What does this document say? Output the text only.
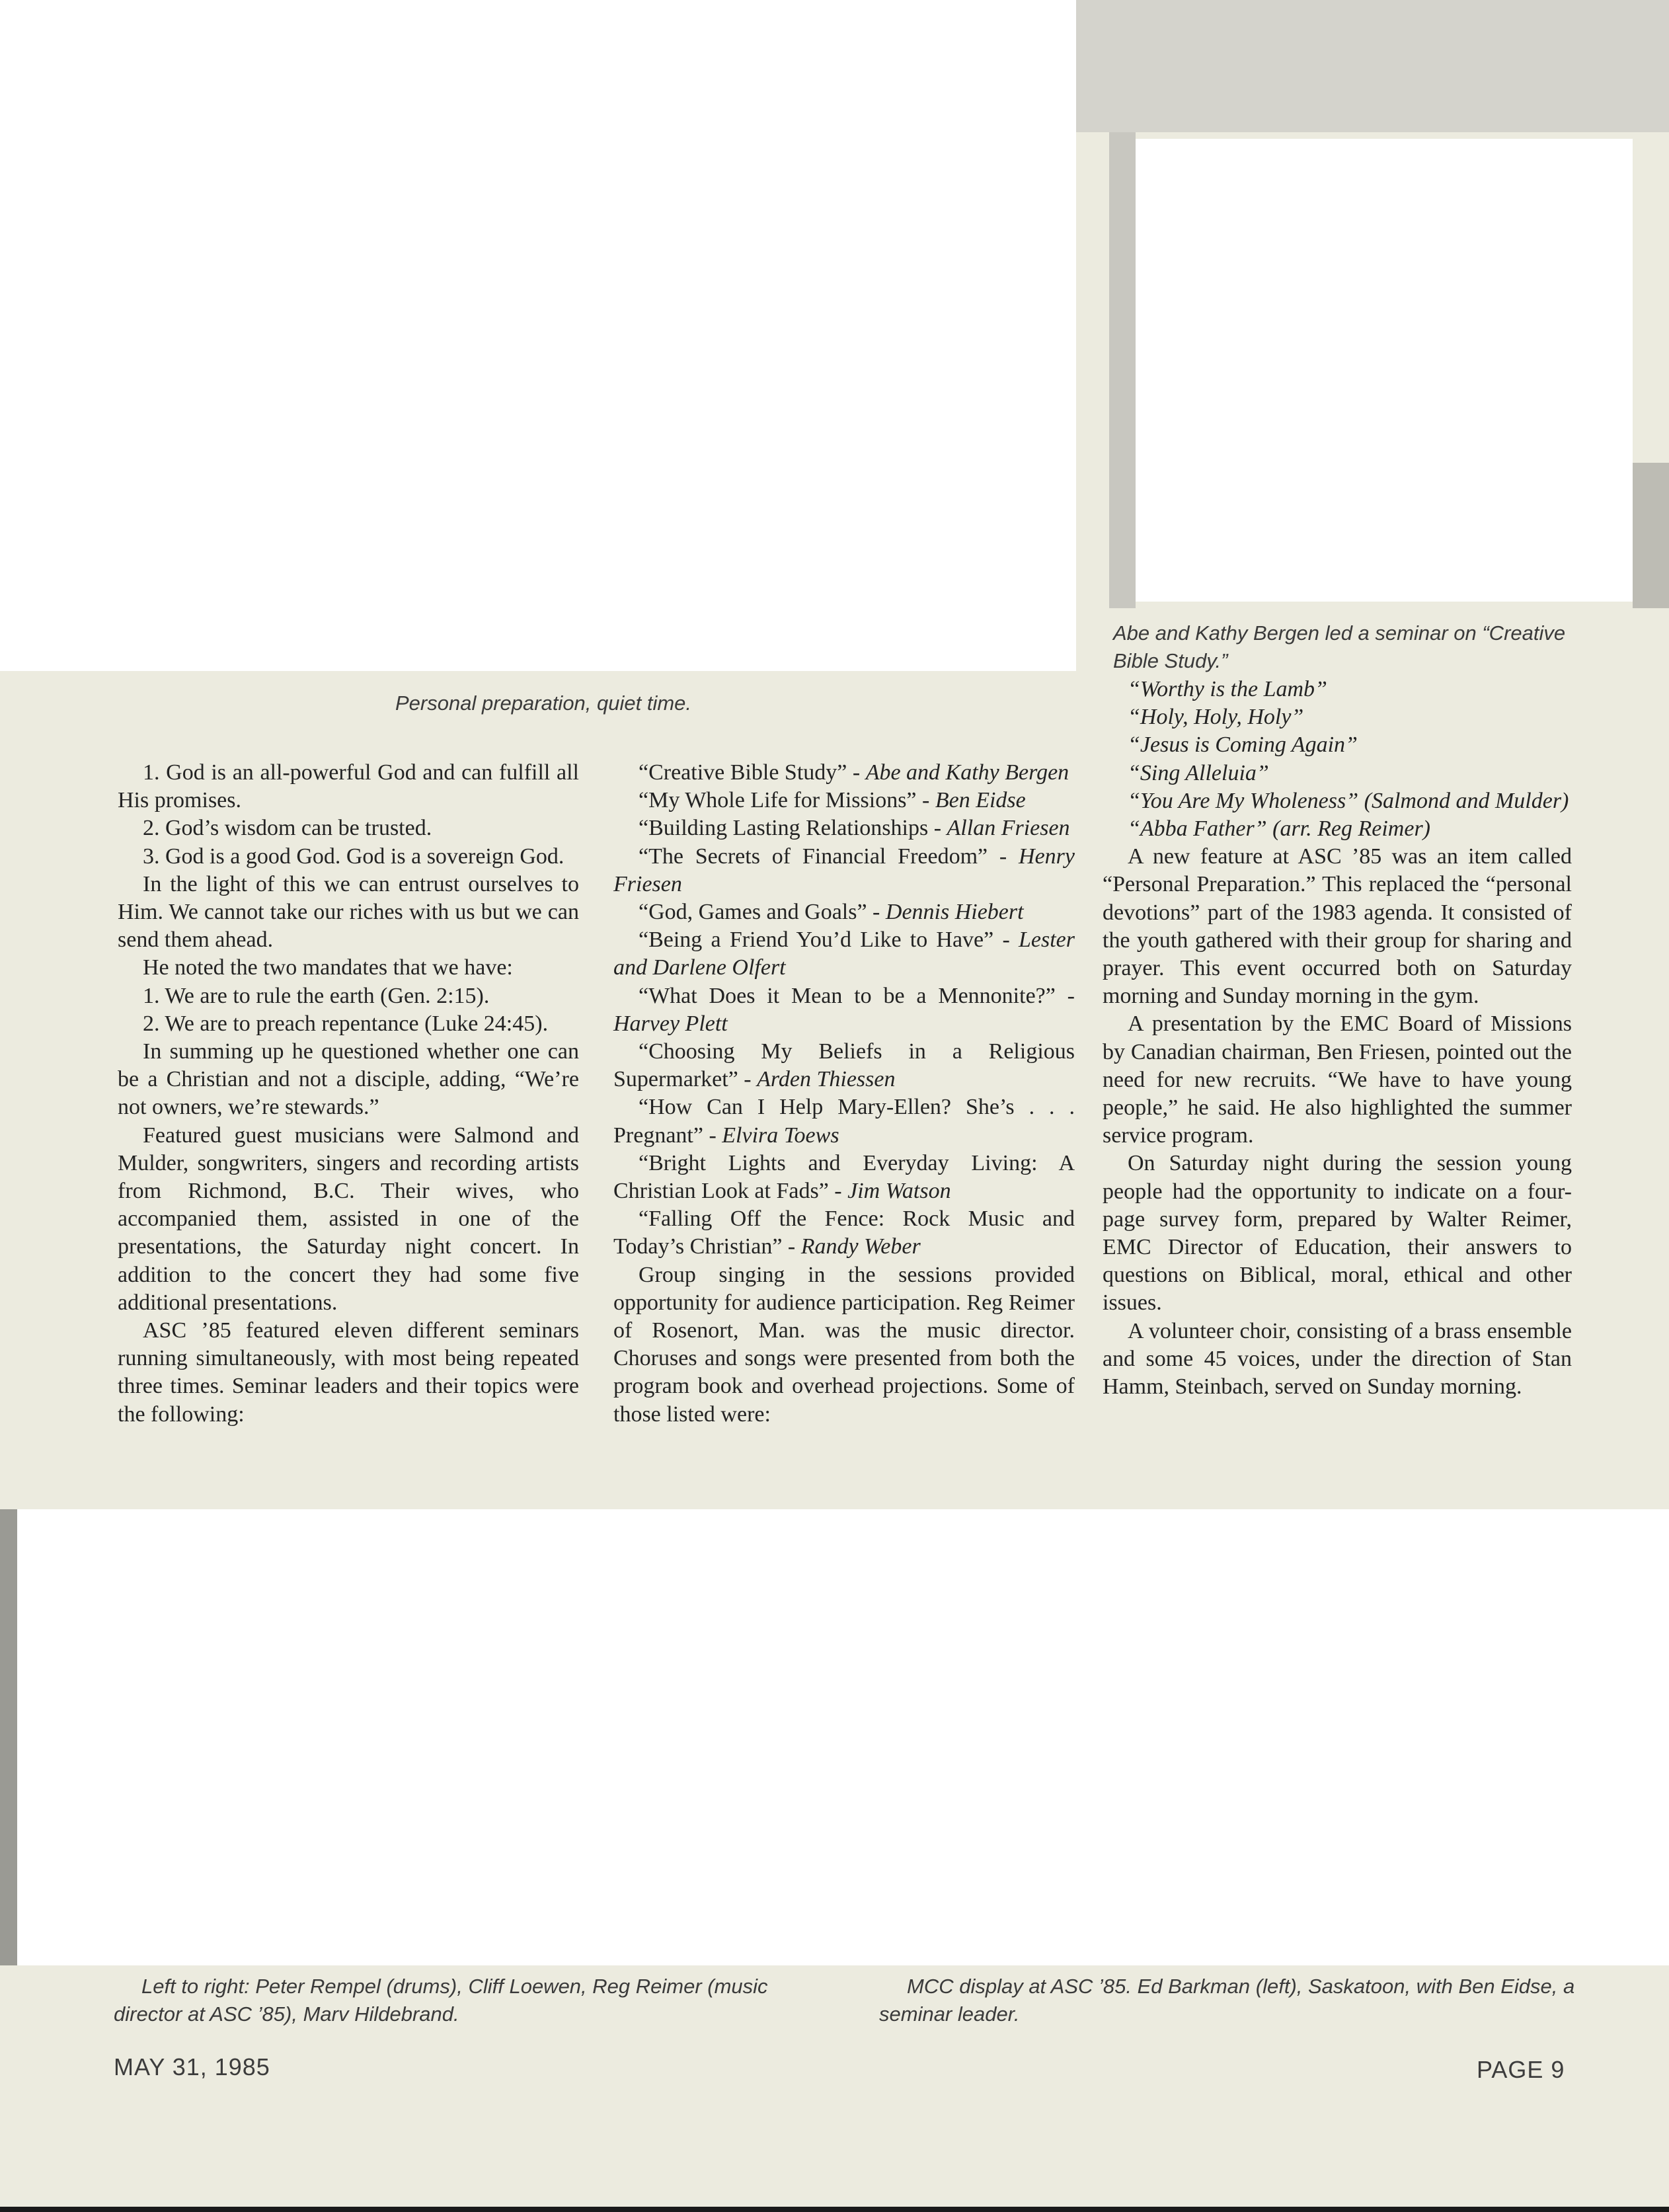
Abe and Kathy Bergen led a seminar on “Creative Bible Study.”
Personal preparation, quiet time.

1. God is an all-powerful God and can fulfill all His promises.

2. God’s wisdom can be trusted.

3. God is a good God. God is a sovereign God.

In the light of this we can entrust ourselves to Him. We cannot take our riches with us but we can send them ahead.

He noted the two mandates that we have:

1. We are to rule the earth (Gen. 2:15).

2. We are to preach repentance (Luke 24:45).

In summing up he questioned whether one can be a Christian and not a disciple, adding, “We’re not owners, we’re stewards.”

Featured guest musicians were Salmond and Mulder, songwriters, singers and recording artists from Richmond, B.C. Their wives, who accompanied them, assisted in one of the presentations, the Saturday night concert. In addition to the concert they had some five additional presentations.

ASC ’85 featured eleven different seminars running simultaneously, with most being repeated three times. Seminar leaders and their topics were the following:

“Creative Bible Study” - Abe and Kathy Bergen

“My Whole Life for Missions” - Ben Eidse

“Building Lasting Relationships - Allan Friesen

“The Secrets of Financial Freedom” - Henry Friesen

“God, Games and Goals” - Dennis Hiebert

“Being a Friend You’d Like to Have” - Lester and Darlene Olfert

“What Does it Mean to be a Mennonite?” - Harvey Plett

“Choosing My Beliefs in a Religious Supermarket” - Arden Thiessen

“How Can I Help Mary-Ellen? She’s . . . Pregnant” - Elvira Toews

“Bright Lights and Everyday Living: A Christian Look at Fads” - Jim Watson

“Falling Off the Fence: Rock Music and Today’s Christian” - Randy Weber

Group singing in the sessions provided opportunity for audience participation. Reg Reimer of Rosenort, Man. was the music director. Choruses and songs were presented from both the program book and overhead projections. Some of those listed were:

“Worthy is the Lamb”

“Holy, Holy, Holy”

“Jesus is Coming Again”

“Sing Alleluia”

“You Are My Wholeness” (Salmond and Mulder)

“Abba Father” (arr. Reg Reimer)

A new feature at ASC ’85 was an item called “Personal Preparation.” This replaced the “personal devotions” part of the 1983 agenda. It consisted of the youth gathered with their group for sharing and prayer. This event occurred both on Saturday morning and Sunday morning in the gym.

A presentation by the EMC Board of Missions by Canadian chairman, Ben Friesen, pointed out the need for new recruits. “We have to have young people,” he said. He also highlighted the summer service program.

On Saturday night during the session young people had the opportunity to indicate on a four-page survey form, prepared by Walter Reimer, EMC Director of Education, their answers to questions on Biblical, moral, ethical and other issues.

A volunteer choir, consisting of a brass ensemble and some 45 voices, under the direction of Stan Hamm, Steinbach, served on Sunday morning.

Left to right: Peter Rempel (drums), Cliff Loewen, Reg Reimer (music director at ASC ’85), Marv Hildebrand.
MCC display at ASC ’85. Ed Barkman (left), Saskatoon, with Ben Eidse, a seminar leader.
MAY 31, 1985	PAGE 9
